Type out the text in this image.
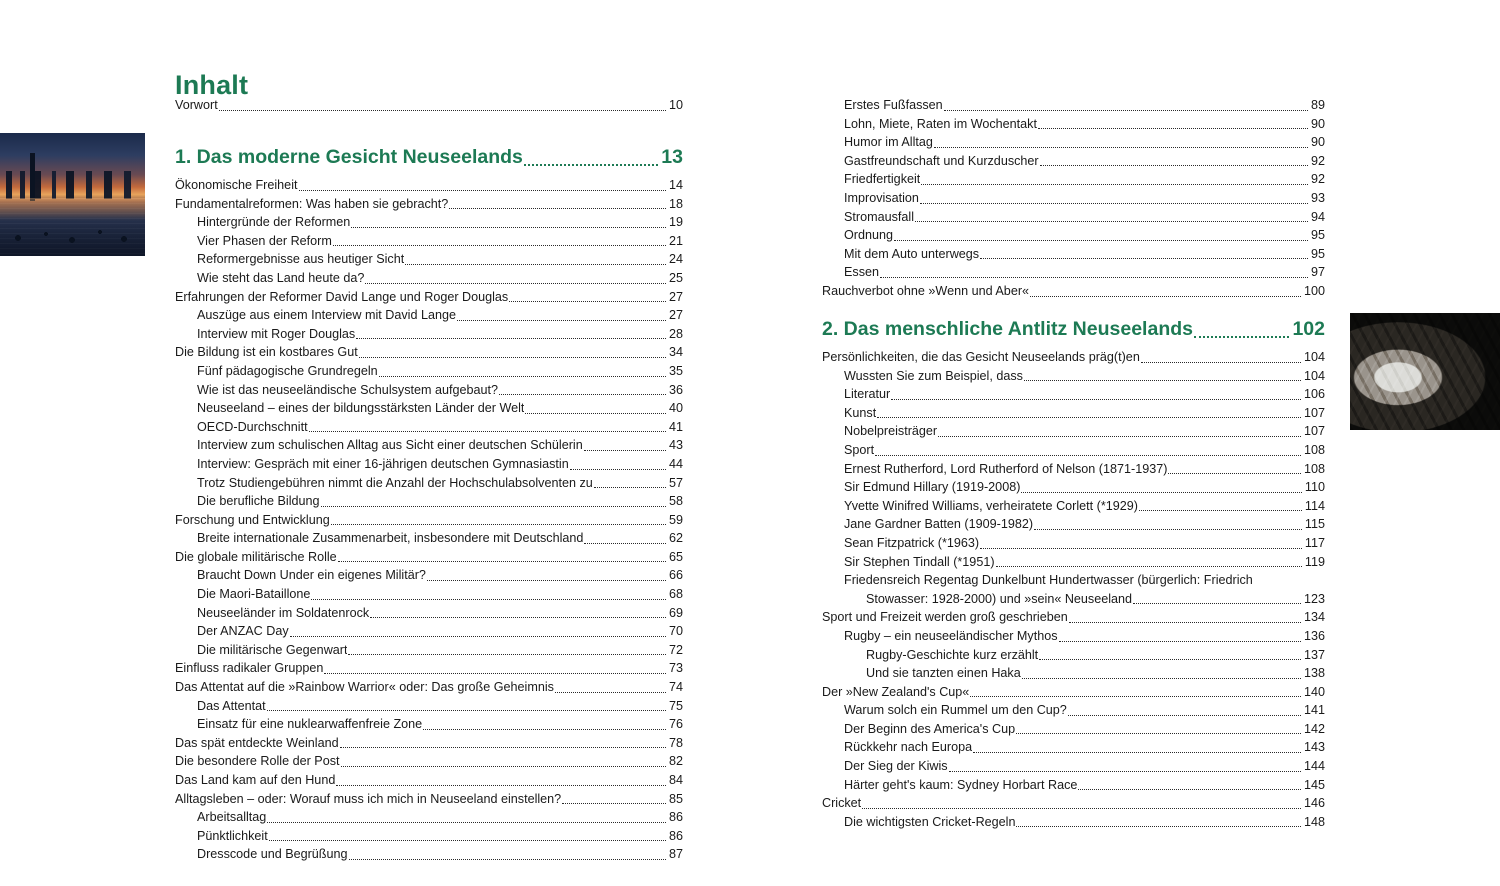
Inhalt
Vorwort	10
1. Das moderne Gesicht Neuseelands	13
Ökonomische Freiheit	14
Fundamentalreformen: Was haben sie gebracht?	18
Hintergründe der Reformen	19
Vier Phasen der Reform	21
Reformergebnisse aus heutiger Sicht	24
Wie steht das Land heute da?	25
Erfahrungen der Reformer David Lange und Roger Douglas	27
Auszüge aus einem Interview mit David Lange	27
Interview mit Roger Douglas	28
Die Bildung ist ein kostbares Gut	34
Fünf pädagogische Grundregeln	35
Wie ist das neuseeländische Schulsystem aufgebaut?	36
Neuseeland – eines der bildungsstärksten Länder der Welt	40
OECD-Durchschnitt	41
Interview zum schulischen Alltag aus Sicht einer deutschen Schülerin	43
Interview: Gespräch mit einer 16-jährigen deutschen Gymnasiastin	44
Trotz Studiengebühren nimmt die Anzahl der Hochschulabsolventen zu	57
Die berufliche Bildung	58
Forschung und Entwicklung	59
Breite internationale Zusammenarbeit, insbesondere mit Deutschland	62
Die globale militärische Rolle	65
Braucht Down Under ein eigenes Militär?	66
Die Maori-Bataillone	68
Neuseeländer im Soldatenrock	69
Der ANZAC Day	70
Die militärische Gegenwart	72
Einfluss radikaler Gruppen	73
Das Attentat auf die »Rainbow Warrior« oder: Das große Geheimnis	74
Das Attentat	75
Einsatz für eine nuklearwaffenfreie Zone	76
Das spät entdeckte Weinland	78
Die besondere Rolle der Post	82
Das Land kam auf den Hund	84
Alltagsleben – oder: Worauf muss ich mich in Neuseeland einstellen?	85
Arbeitsalltag	86
Pünktlichkeit	86
Dresscode und Begrüßung	87
Erstes Fußfassen	89
Lohn, Miete, Raten im Wochentakt	90
Humor im Alltag	90
Gastfreundschaft und Kurzduscher	92
Friedfertigkeit	92
Improvisation	93
Stromausfall	94
Ordnung	95
Mit dem Auto unterwegs	95
Essen	97
Rauchverbot ohne »Wenn und Aber«	100
2. Das menschliche Antlitz Neuseelands	102
Persönlichkeiten, die das Gesicht Neuseelands präg(t)en	104
Wussten Sie zum Beispiel, dass	104
Literatur	106
Kunst	107
Nobelpreisträger	107
Sport	108
Ernest Rutherford, Lord Rutherford of Nelson (1871-1937)	108
Sir Edmund Hillary (1919-2008)	110
Yvette Winifred Williams, verheiratete Corlett (*1929)	114
Jane Gardner Batten (1909-1982)	115
Sean Fitzpatrick (*1963)	117
Sir Stephen Tindall (*1951)	119
Friedensreich Regentag Dunkelbunt Hundertwasser (bürgerlich: Friedrich
Stowasser: 1928-2000) und »sein« Neuseeland	123
Sport und Freizeit werden groß geschrieben	134
Rugby – ein neuseeländischer Mythos	136
Rugby-Geschichte kurz erzählt	137
Und sie tanzten einen Haka	138
Der »New Zealand's Cup«	140
Warum solch ein Rummel um den Cup?	141
Der Beginn des America's Cup	142
Rückkehr nach Europa	143
Der Sieg der Kiwis	144
Härter geht's kaum: Sydney Horbart Race	145
Cricket	146
Die wichtigsten Cricket-Regeln	148
